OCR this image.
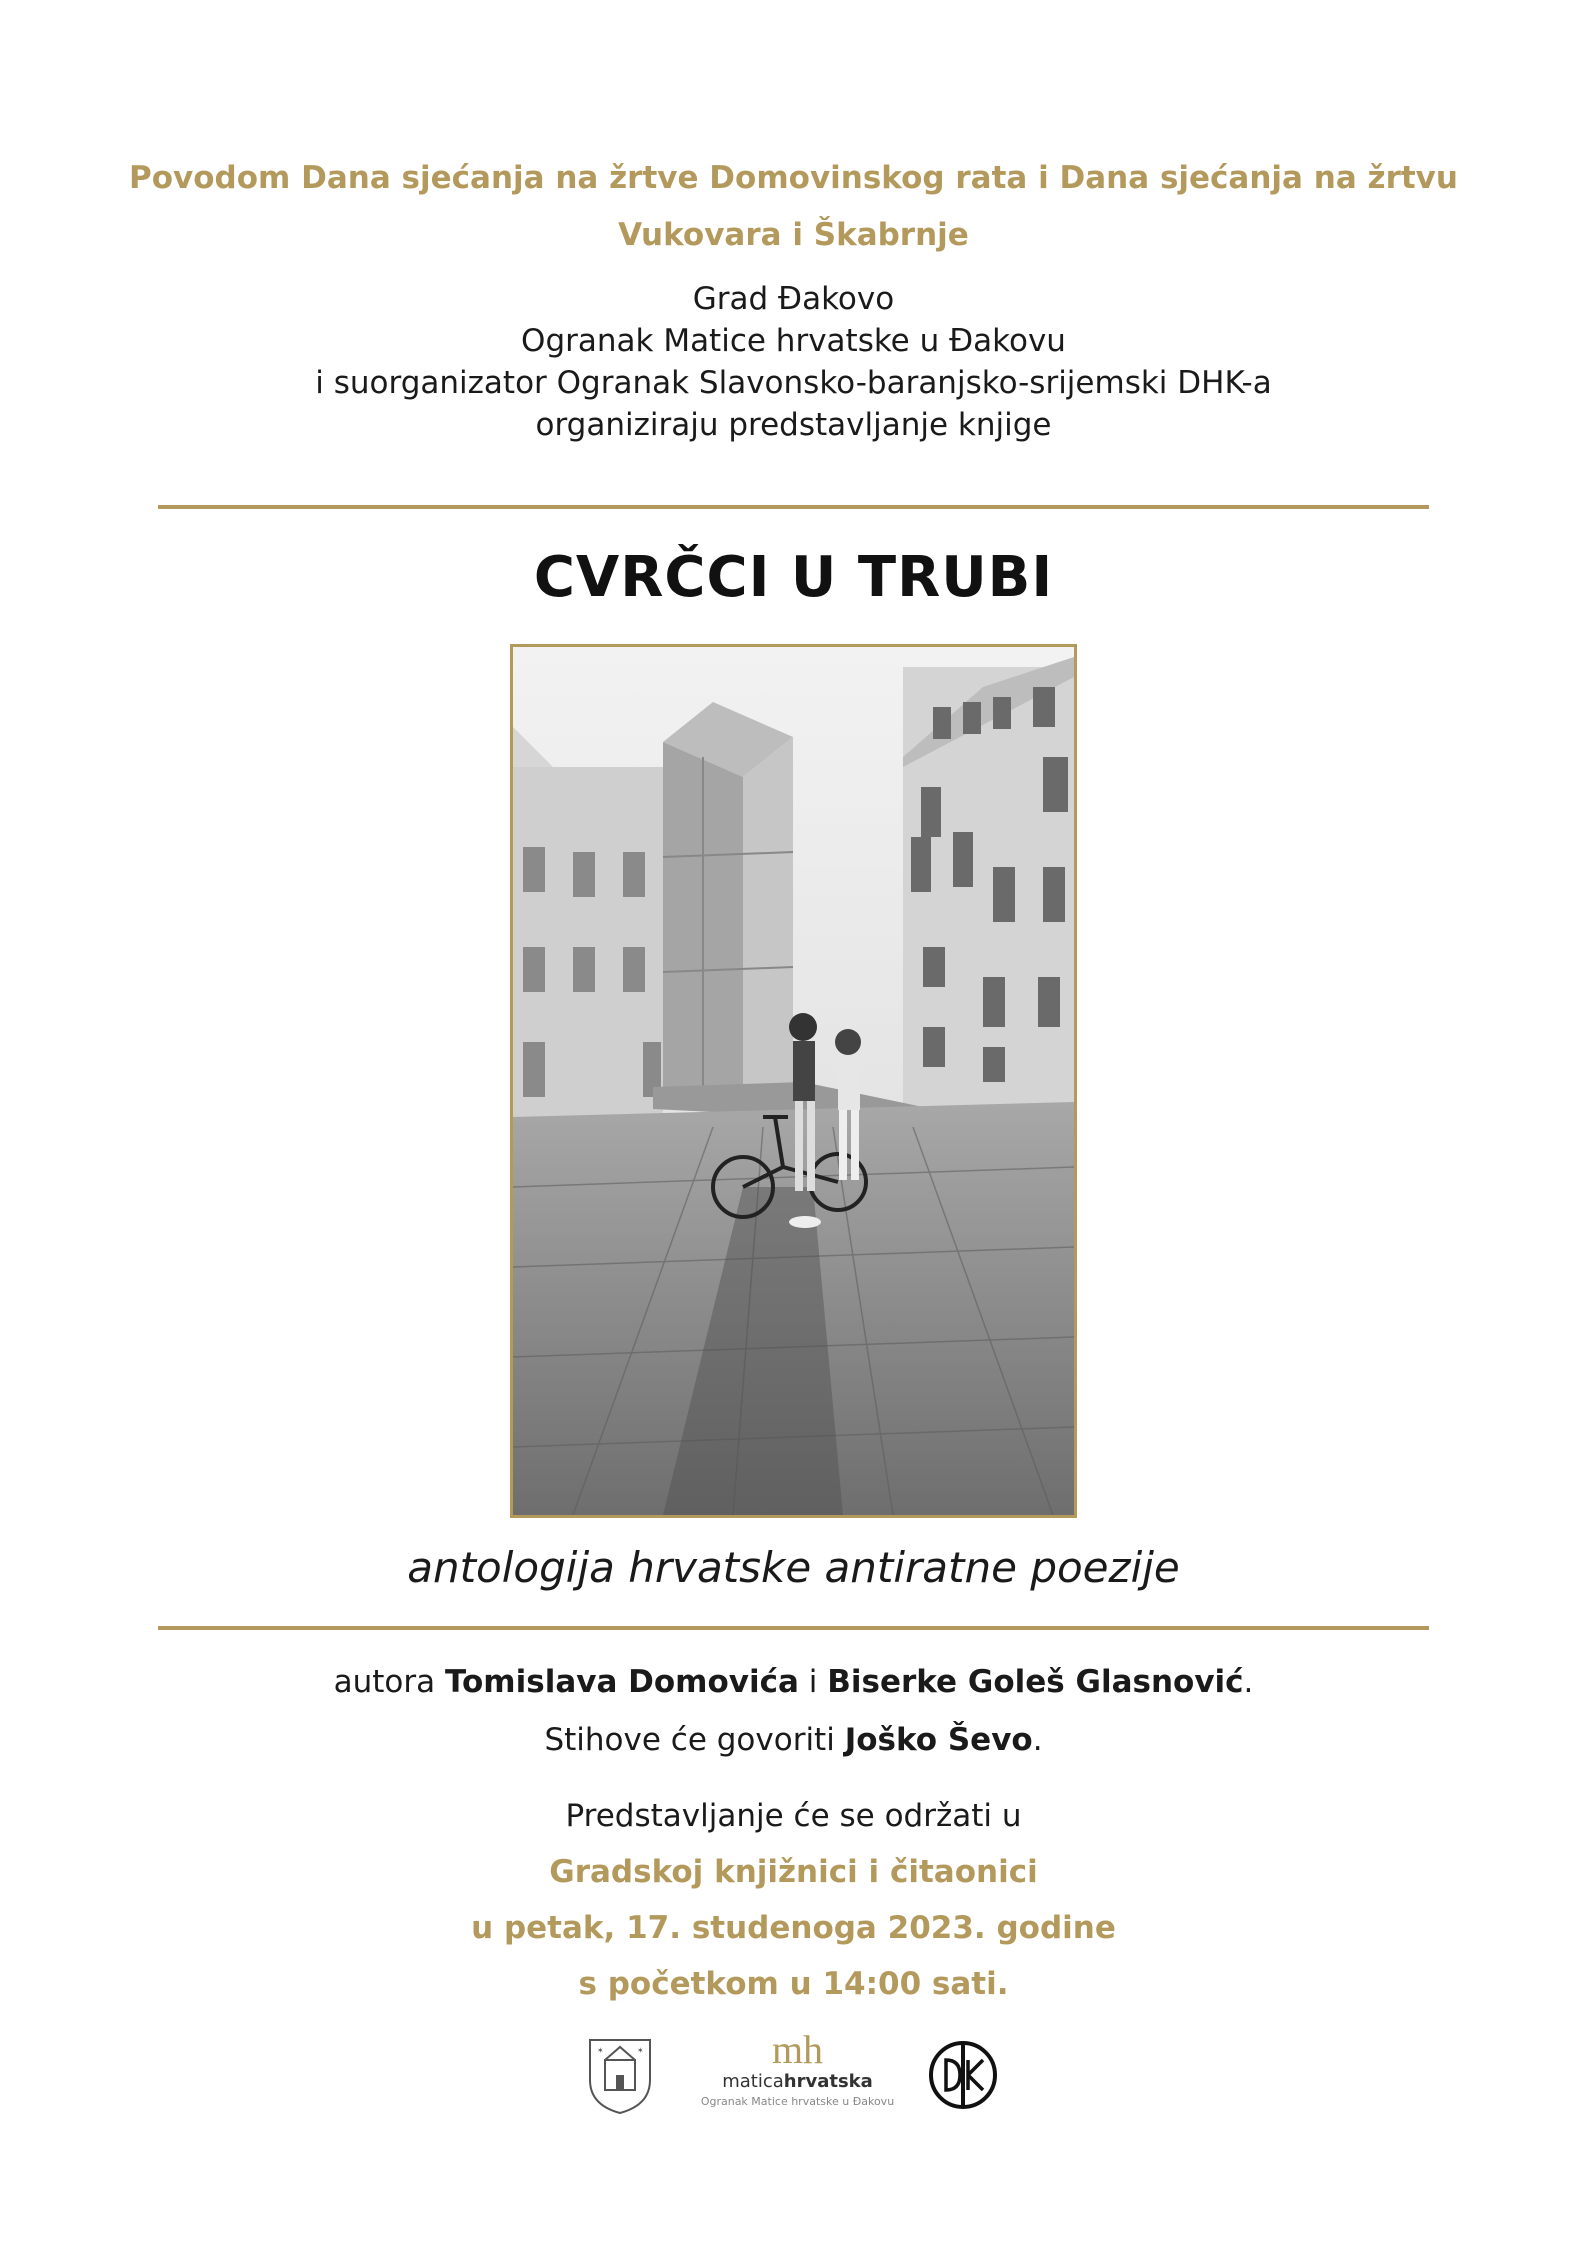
Povodom Dana sjećanja na žrtve Domovinskog rata i Dana sjećanja na žrtvu
Vukovara i Škabrnje
Grad Đakovo
Ogranak Matice hrvatske u Đakovu
i suorganizator Ogranak Slavonsko-baranjsko-srijemski DHK-a
organiziraju predstavljanje knjige
CVRČCI U TRUBI
antologija hrvatske antiratne poezije
autora Tomislava Domovića i Biserke Goleš Glasnović.
Stihove će govoriti Joško Ševo.
Predstavljanje će se održati u
Gradskoj knjižnici i čitaonici
u petak, 17. studenoga 2023. godine
s početkom u 14:00 sati.
✶	✶	mh
maticahrvatska
Ogranak Matice hrvatske u Đakovu
